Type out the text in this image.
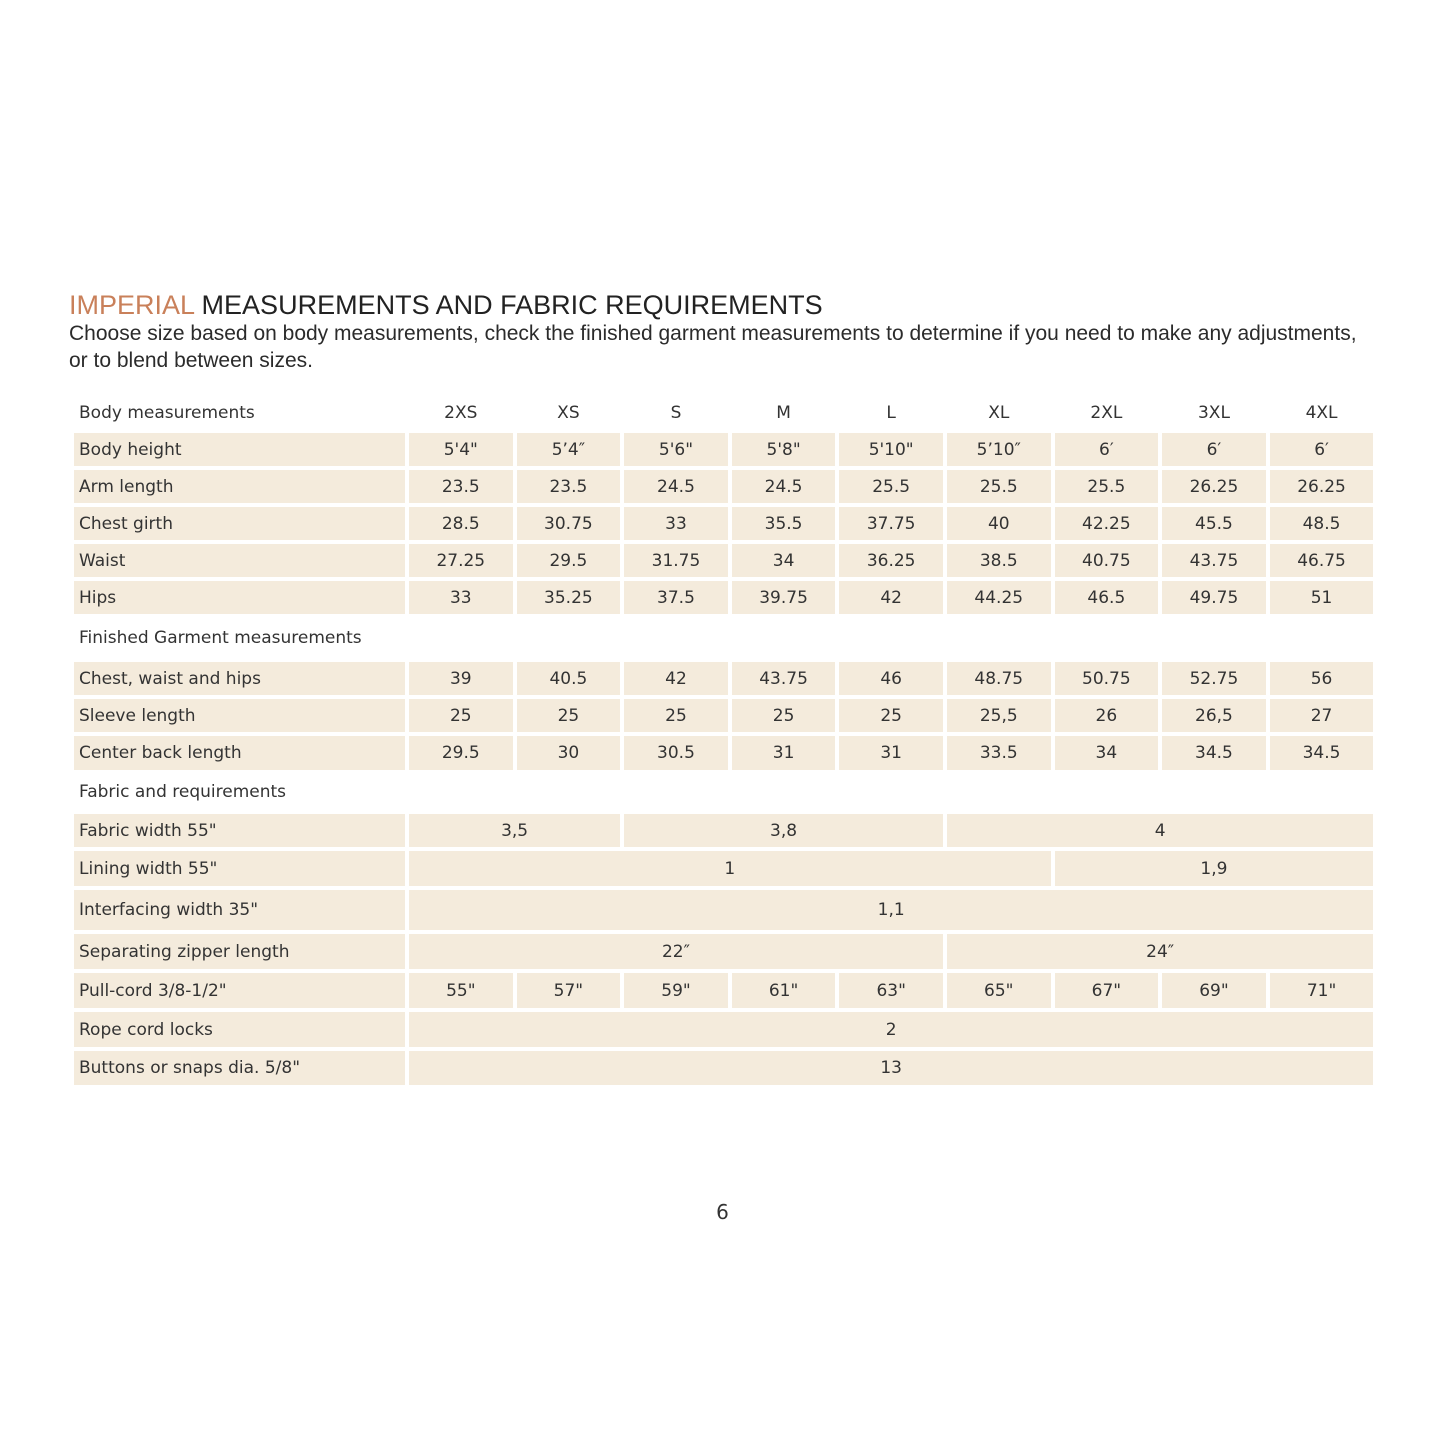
IMPERIAL MEASUREMENTS AND FABRIC REQUIREMENTS

Choose size based on body measurements, check the finished garment measurements to determine if you need to make any adjustments, or to blend between sizes.

Body measurements	2XS	XS	S	M	L	XL	2XL	3XL	4XL
Body height	5'4"	5’4″	5'6"	5'8"	5'10"	5’10″	6′	6′	6′
Arm length	23.5	23.5	24.5	24.5	25.5	25.5	25.5	26.25	26.25
Chest girth	28.5	30.75	33	35.5	37.75	40	42.25	45.5	48.5
Waist	27.25	29.5	31.75	34	36.25	38.5	40.75	43.75	46.75
Hips	33	35.25	37.5	39.75	42	44.25	46.5	49.75	51
Finished Garment measurements									
Chest, waist and hips	39	40.5	42	43.75	46	48.75	50.75	52.75	56
Sleeve length	25	25	25	25	25	25,5	26	26,5	27
Center back length	29.5	30	30.5	31	31	33.5	34	34.5	34.5
Fabric and requirements									
Fabric width 55"	3,5		3,8			4			
Lining width 55"	1						1,9		
Interfacing width 35"	1,1								
Separating zipper length	22″					24″			
Pull-cord 3/8-1/2"	55"	57"	59"	61"	63"	65"	67"	69"	71"
Rope cord locks	2								
Buttons or snaps dia. 5/8"	13								
6
